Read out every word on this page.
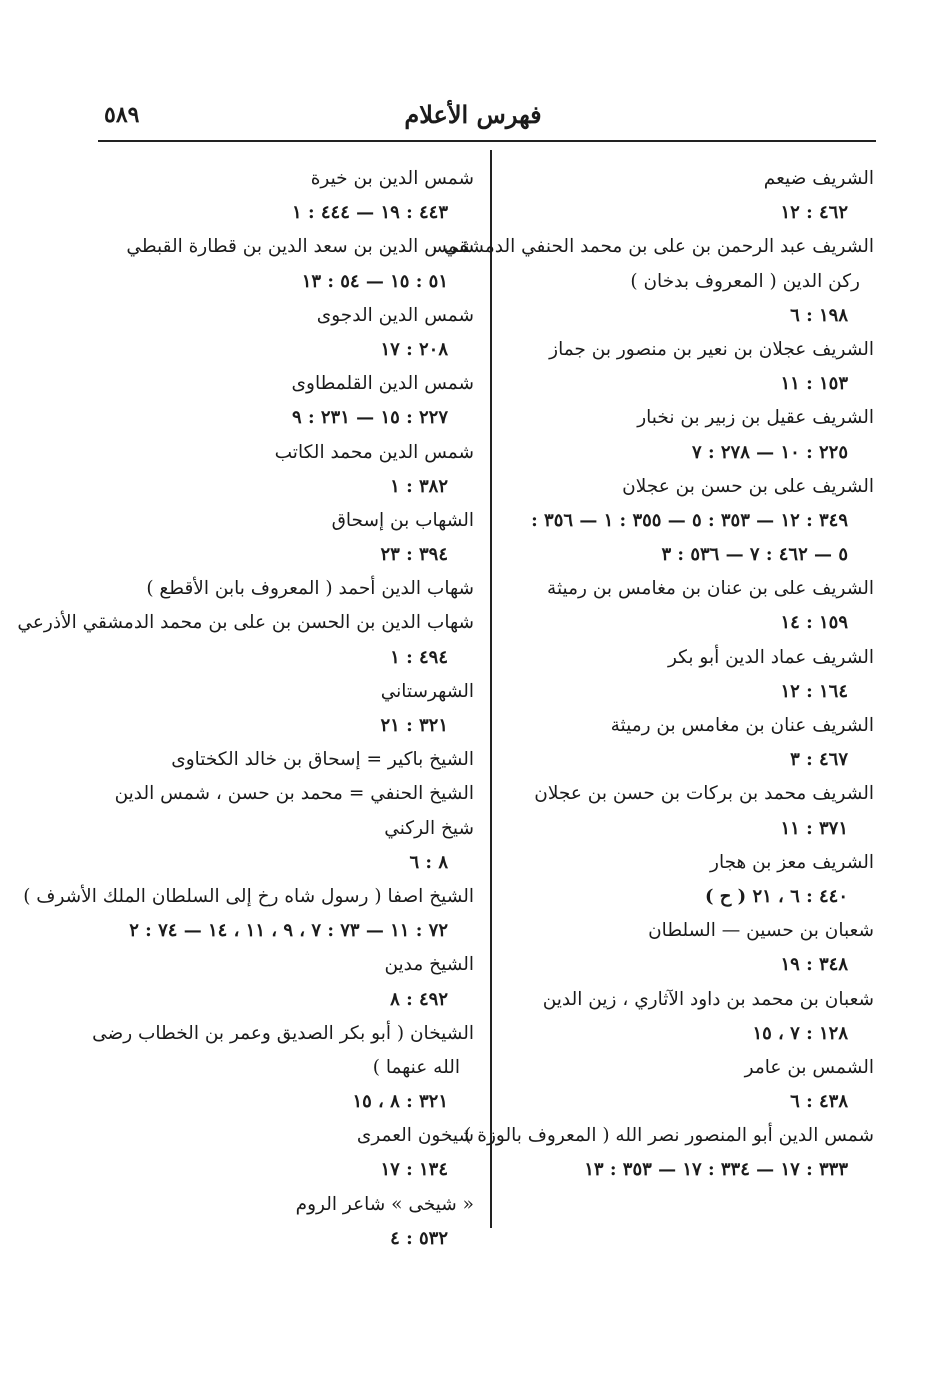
٥٨٩	فهرس الأعلام
الشريف ضيعم
٤٦٢ : ١٢
الشريف عبد الرحمن بن على بن محمد الحنفي الدمشقي ،
ركن الدين ( المعروف بدخان )
١٩٨ : ٦
الشريف عجلان بن نعير بن منصور بن جماز
١٥٣ : ١١
الشريف عقيل بن زبير بن نخبار
٢٢٥ : ١٠ — ٢٧٨ : ٧
الشريف على بن حسن بن عجلان
٣٤٩ : ١٢ — ٣٥٣ : ٥ — ٣٥٥ : ١ — ٣٥٦ :
٥ — ٤٦٢ : ٧ — ٥٣٦ : ٣
الشريف على بن عنان بن مغامس بن رميثة
١٥٩ : ١٤
الشريف عماد الدين أبو بكر
١٦٤ : ١٢
الشريف عنان بن مغامس بن رميثة
٤٦٧ : ٣
الشريف محمد بن بركات بن حسن بن عجلان
٣٧١ : ١١
الشريف معز بن هجار
٤٤٠ : ٦ ، ٢١ ( ح )
شعبان بن حسين — السلطان
٣٤٨ : ١٩
شعبان بن محمد بن داود الآثاري ، زين الدين
١٢٨ : ٧ ، ١٥
الشمس بن عامر
٤٣٨ : ٦
شمس الدين أبو المنصور نصر الله ( المعروف بالوزة )
٣٣٣ : ١٧ — ٣٣٤ : ١٧ — ٣٥٣ : ١٣
شمس الدين بن خيرة
٤٤٣ : ١٩ — ٤٤٤ : ١
شمس الدين بن سعد الدين بن قطارة القبطي
٥١ : ١٥ — ٥٤ : ١٣
شمس الدين الدجوى
٢٠٨ : ١٧
شمس الدين القلمطاوى
٢٢٧ : ١٥ — ٢٣١ : ٩
شمس الدين محمد الكاتب
٣٨٢ : ١
الشهاب بن إسحاق
٣٩٤ : ٢٣
شهاب الدين أحمد ( المعروف بابن الأقطع )
شهاب الدين بن الحسن بن على بن محمد الدمشقي الأذرعي
٤٩٤ : ١
الشهرستاني
٣٢١ : ٢١
الشيخ باكير = إسحاق بن خالد الكختاوى
الشيخ الحنفي = محمد بن حسن ، شمس الدين
شيخ الركني
٨ : ٦
الشيخ اصفا ( رسول شاه رخ إلى السلطان الملك الأشرف )
٧٢ : ١١ — ٧٣ : ٧ ، ٩ ، ١١ ، ١٤ — ٧٤ : ٢
الشيخ مدين
٤٩٢ : ٨
الشيخان ( أبو بكر الصديق وعمر بن الخطاب رضى
الله عنهما )
٣٢١ : ٨ ، ١٥
شيخون العمرى
١٣٤ : ١٧
« شيخى » شاعر الروم
٥٣٢ : ٤
